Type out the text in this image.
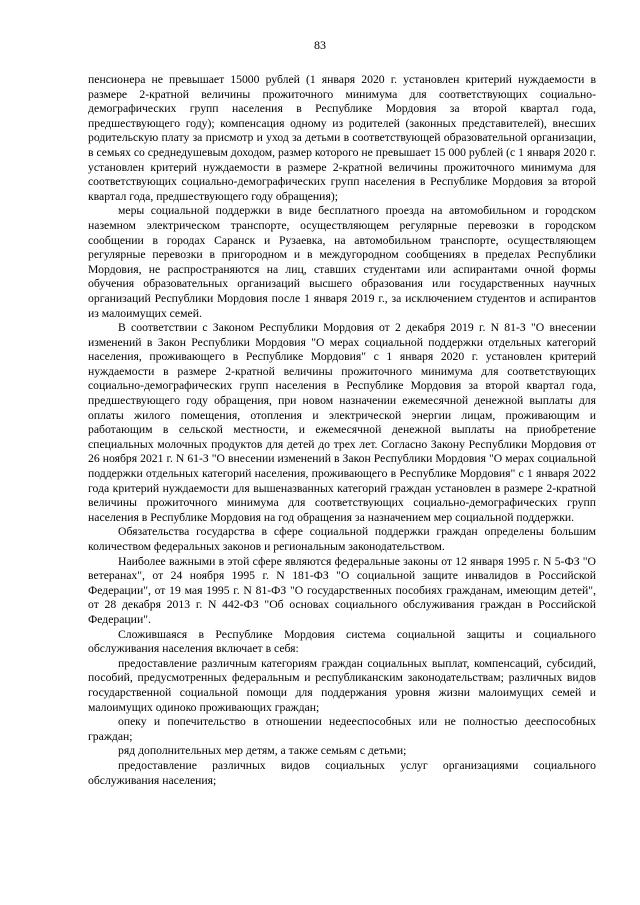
83

пенсионера не превышает 15000 рублей (1 января 2020 г. установлен критерий нуждаемости в размере 2-кратной величины прожиточного минимума для соответствующих социально-демографических групп населения в Республике Мордовия за второй квартал года, предшествующего году); компенсация одному из родителей (законных представителей), внесших родительскую плату за присмотр и уход за детьми в соответствующей образовательной организации, в семьях со среднедушевым доходом, размер которого не превышает 15 000 рублей (с 1 января 2020 г. установлен критерий нуждаемости в размере 2-кратной величины прожиточного минимума для соответствующих социально-демографических групп населения в Республике Мордовия за второй квартал года, предшествующего году обращения);

меры социальной поддержки в виде бесплатного проезда на автомобильном и городском наземном электрическом транспорте, осуществляющем регулярные перевозки в городском сообщении в городах Саранск и Рузаевка, на автомобильном транспорте, осуществляющем регулярные перевозки в пригородном и в междугородном сообщениях в пределах Республики Мордовия, не распространяются на лиц, ставших студентами или аспирантами очной формы обучения образовательных организаций высшего образования или государственных научных организаций Республики Мордовия после 1 января 2019 г., за исключением студентов и аспирантов из малоимущих семей.

В соответствии с Законом Республики Мордовия от 2 декабря 2019 г. N 81-З "О внесении изменений в Закон Республики Мордовия "О мерах социальной поддержки отдельных категорий населения, проживающего в Республике Мордовия" с 1 января 2020 г. установлен критерий нуждаемости в размере 2-кратной величины прожиточного минимума для соответствующих социально-демографических групп населения в Республике Мордовия за второй квартал года, предшествующего году обращения, при новом назначении ежемесячной денежной выплаты для оплаты жилого помещения, отопления и электрической энергии лицам, проживающим и работающим в сельской местности, и ежемесячной денежной выплаты на приобретение специальных молочных продуктов для детей до трех лет. Согласно Закону Республики Мордовия от 26 ноября 2021 г. N 61-З "О внесении изменений в Закон Республики Мордовия "О мерах социальной поддержки отдельных категорий населения, проживающего в Республике Мордовия" с 1 января 2022 года критерий нуждаемости для вышеназванных категорий граждан установлен в размере 2-кратной величины прожиточного минимума для соответствующих социально-демографических групп населения в Республике Мордовия на год обращения за назначением мер социальной поддержки.

Обязательства государства в сфере социальной поддержки граждан определены большим количеством федеральных законов и региональным законодательством.

Наиболее важными в этой сфере являются федеральные законы от 12 января 1995 г. N 5-ФЗ "О ветеранах", от 24 ноября 1995 г. N 181-ФЗ "О социальной защите инвалидов в Российской Федерации", от 19 мая 1995 г. N 81-ФЗ "О государственных пособиях гражданам, имеющим детей", от 28 декабря 2013 г. N 442-ФЗ "Об основах социального обслуживания граждан в Российской Федерации".

Сложившаяся в Республике Мордовия система социальной защиты и социального обслуживания населения включает в себя:

предоставление различным категориям граждан социальных выплат, компенсаций, субсидий, пособий, предусмотренных федеральным и республиканским законодательствам; различных видов государственной социальной помощи для поддержания уровня жизни малоимущих семей и малоимущих одиноко проживающих граждан;

опеку и попечительство в отношении недееспособных или не полностью дееспособных граждан;

ряд дополнительных мер детям, а также семьям с детьми;

предоставление различных видов социальных услуг организациями социального обслуживания населения;
